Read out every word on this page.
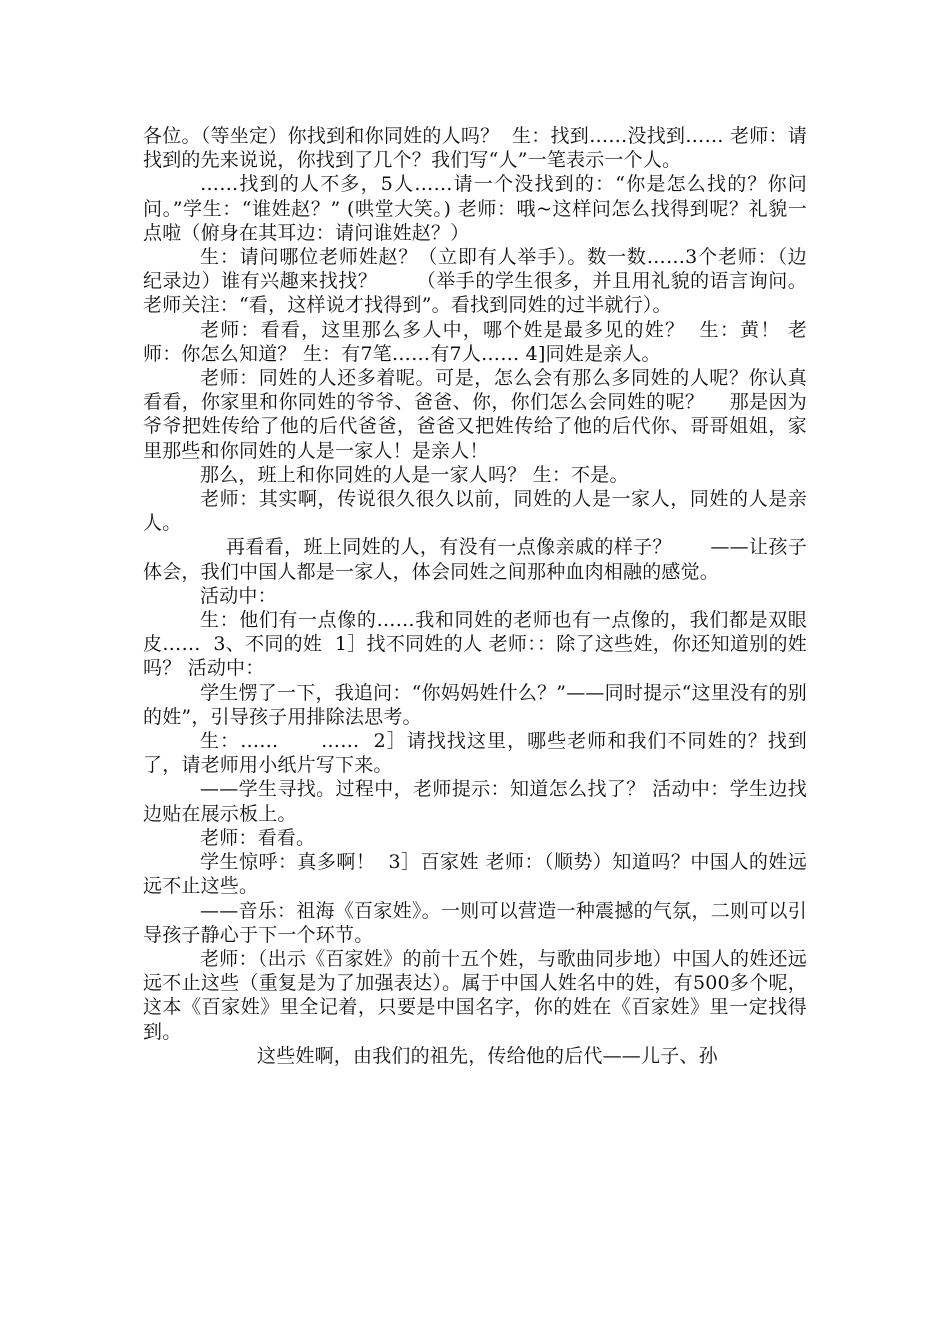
各位。（等坐定）你找到和你同姓的人吗？  生：找到……没找到…… 老师：请找到的先来说说，你找到了几个？我们写“人”一笔表示一个人。

……找到的人不多，5人……请一个没找到的：“你是怎么找的？你问问。”学生：“谁姓赵？” (哄堂大笑。) 老师：哦~这样问怎么找得到呢？礼貌一点啦（俯身在其耳边：请问谁姓赵？）

生：请问哪位老师姓赵？（立即有人举手）。数一数……3个老师：（边纪录边）谁有兴趣来找找？      （举手的学生很多，并且用礼貌的语言询问。老师关注：“看，这样说才找得到”。看找到同姓的过半就行）。

老师：看看，这里那么多人中，哪个姓是最多见的姓？  生：黄！ 老师：你怎么知道？ 生：有7笔……有7人…… 4]同姓是亲人。

老师：同姓的人还多着呢。可是，怎么会有那么多同姓的人呢？你认真看看，你家里和你同姓的爷爷、爸爸、你，你们怎么会同姓的呢？    那是因为爷爷把姓传给了他的后代爸爸，爸爸又把姓传给了他的后代你、哥哥姐姐，家里那些和你同姓的人是一家人！是亲人！

那么，班上和你同姓的人是一家人吗？ 生：不是。

老师：其实啊，传说很久很久以前，同姓的人是一家人，同姓的人是亲人。

再看看，班上同姓的人，有没有一点像亲戚的样子？      ——让孩子体会，我们中国人都是一家人，体会同姓之间那种血肉相融的感觉。

活动中：

生：他们有一点像的……我和同姓的老师也有一点像的，我们都是双眼皮……  3、不同的姓  1］找不同姓的人 老师：：除了这些姓，你还知道别的姓吗？ 活动中：

学生愣了一下，我追问：“你妈妈姓什么？”——同时提示“这里没有的别的姓”，引导孩子用排除法思考。

生：……      ……  2］请找找这里，哪些老师和我们不同姓的？找到了，请老师用小纸片写下来。

——学生寻找。过程中，老师提示：知道怎么找了？ 活动中：学生边找边贴在展示板上。

老师：看看。

学生惊呼：真多啊！  3］百家姓 老师：（顺势）知道吗？中国人的姓远远不止这些。

——音乐：祖海《百家姓》。一则可以营造一种震撼的气氛，二则可以引导孩子静心于下一个环节。

老师：（出示《百家姓》的前十五个姓，与歌曲同步地）中国人的姓还远远不止这些（重复是为了加强表达）。属于中国人姓名中的姓，有500多个呢，这本《百家姓》里全记着，只要是中国名字，你的姓在《百家姓》里一定找得到。

这些姓啊，由我们的祖先，传给他的后代——儿子、孙
